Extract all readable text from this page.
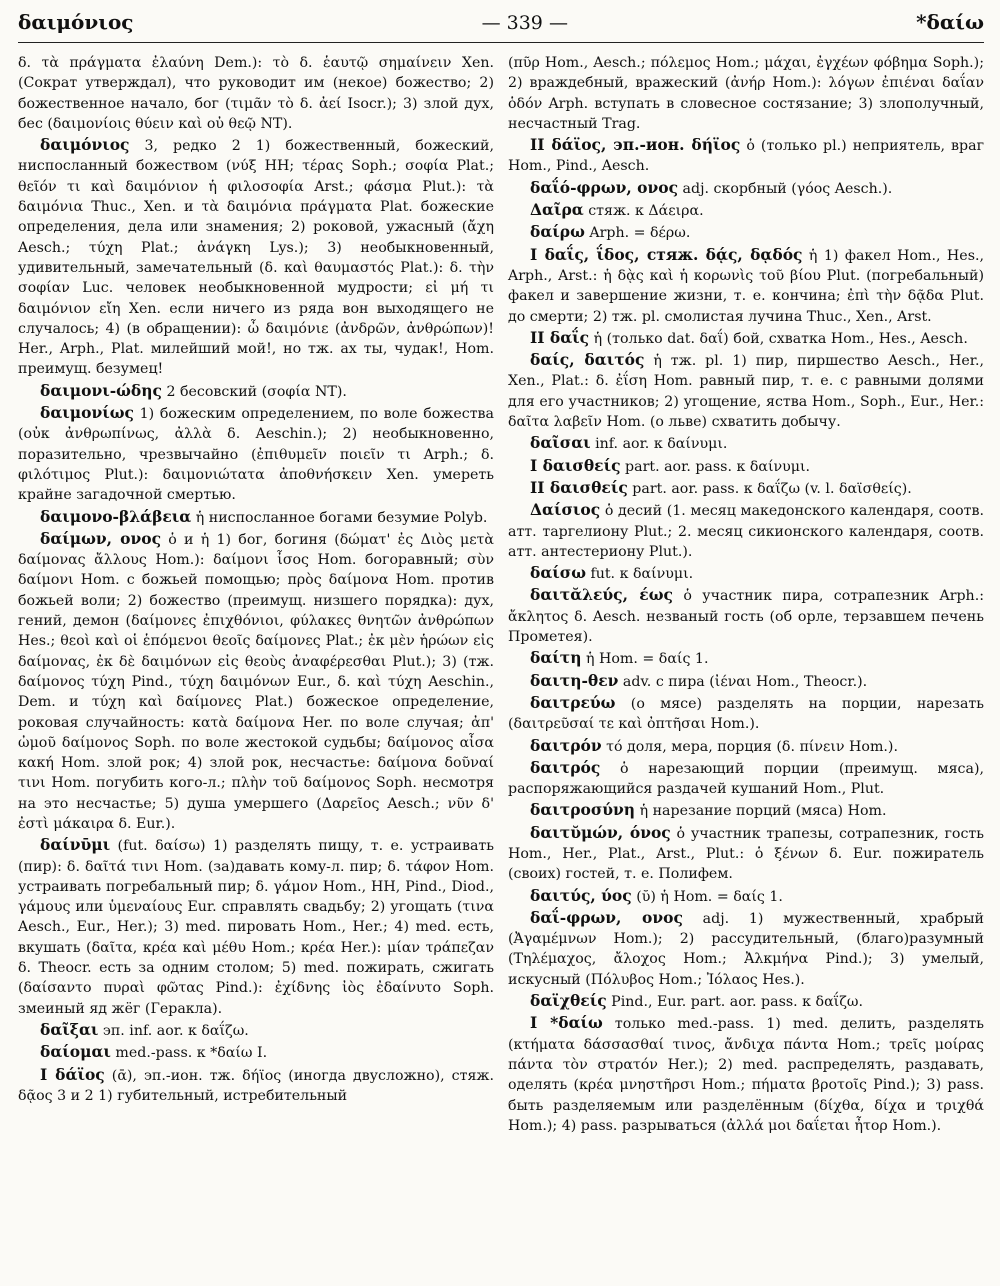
δαιμόνιος	— 339 —	*δαίω

δ. τὰ πράγματα ἐλαύνη Dem.): τὸ δ. ἑαυτῷ σημαίνειν Xen. (Сократ утверждал), что руководит им (некое) божество; 2) божественное начало, бог (τιμᾶν τὸ δ. ἀεί Isocr.); 3) злой дух, бес (δαιμονίοις θύειν καὶ οὐ θεῷ NT).

δαιμόνιος 3, редко 2 1) божественный, божеский, ниспосланный божеством (νύξ HH; τέρας Soph.; σοφία Plat.; θεῖόν τι καὶ δαιμόνιον ἡ φιλοσοφία Arst.; φάσμα Plut.): τὰ δαιμόνια Thuc., Xen. и τὰ δαιμόνια πράγματα Plat. божеские определения, дела или знамения; 2) роковой, ужасный (ἄχη Aesch.; τύχη Plat.; ἀνάγκη Lys.); 3) необыкновенный, удивительный, замечательный (δ. καὶ θαυμαστός Plat.): δ. τὴν σοφίαν Luc. человек необыкновенной мудрости; εἰ μή τι δαιμόνιον εἴη Xen. если ничего из ряда вон выходящего не случалось; 4) (в обращении): ὦ δαιμόνιε (ἀνδρῶν, ἀνθρώπων)! Her., Arph., Plat. милейший мой!, но тж. ах ты, чудак!, Hom. преимущ. безумец!

δαιμονι-ώδης 2 бесовский (σοφία NT).

δαιμονίως 1) божеским определением, по воле божества (οὐκ ἀνθρωπίνως, ἀλλὰ δ. Aeschin.); 2) необыкновенно, поразительно, чрезвычайно (ἐπιθυμεῖν ποιεῖν τι Arph.; δ. φιλότιμος Plut.): δαιμονιώτατα ἀποθνήσκειν Xen. умереть крайне загадочной смертью.

δαιμονο-βλάβεια ἡ ниспосланное богами безумие Polyb.

δαίμων, ονος ὁ и ἡ 1) бог, богиня (δώματ' ἐς Διὸς μετὰ δαίμονας ἄλλους Hom.): δαίμονι ἶσος Hom. богоравный; σὺν δαίμονι Hom. с божьей помощью; πρὸς δαίμονα Hom. против божьей воли; 2) божество (преимущ. низшего порядка): дух, гений, демон (δαίμονες ἐπιχθόνιοι, φύλακες θνητῶν ἀνθρώπων Hes.; θεοὶ καὶ οἱ ἑπόμενοι θεοῖς δαίμονες Plat.; ἐκ μὲν ἡρώων εἰς δαίμονας, ἐκ δὲ δαιμόνων εἰς θεοὺς ἀναφέρεσθαι Plut.); 3) (тж. δαίμονος τύχη Pind., τύχη δαιμόνων Eur., δ. καὶ τύχη Aeschin., Dem. и τύχη καὶ δαίμονες Plat.) божеское определение, роковая случайность: κατὰ δαίμονα Her. по воле случая; ἀπ' ὠμοῦ δαίμονος Soph. по воле жестокой судьбы; δαίμονος αἶσα κακή Hom. злой рок; 4) злой рок, несчастье: δαίμονα δοῦναί τινι Hom. погубить кого-л.; πλὴν τοῦ δαίμονος Soph. несмотря на это несчастье; 5) душа умершего (Δαρεῖος Aesch.; νῦν δ' ἐστὶ μάκαιρα δ. Eur.).

δαίνῡμι (fut. δαίσω) 1) разделять пищу, т. е. устраивать (пир): δ. δαῖτά τινι Hom. (за)давать кому-л. пир; δ. τάφον Hom. устраивать погребальный пир; δ. γάμον Hom., HH, Pind., Diod., γάμους или ὑμεναίους Eur. справлять свадьбу; 2) угощать (τινα Aesch., Eur., Her.); 3) med. пировать Hom., Her.; 4) med. есть, вкушать (δαῖτα, κρέα καὶ μέθυ Hom.; κρέα Her.): μίαν τράπεζαν δ. Theocr. есть за одним столом; 5) med. пожирать, сжигать (δαίσαντο πυραὶ φῶτας Pind.): ἐχίδνης ἰὸς ἐδαίνυτο Soph. змеиный яд жёг (Геракла).

δαῖξαι эп. inf. aor. к δαΐζω.

δαίομαι med.-pass. к *δαίω I.

I δάϊος (ᾱ), эп.-ион. тж. δήϊος (иногда двусложно), стяж. δᾷος 3 и 2 1) губительный, истребительный

(πῦρ Hom., Aesch.; πόλεμος Hom.; μάχαι, ἐγχέων φόβημα Soph.); 2) враждебный, вражеский (ἀνήρ Hom.): λόγων ἐπιέναι δαΐαν ὁδόν Arph. вступать в словесное состязание; 3) злополучный, несчастный Trag.

II δάϊος, эп.-ион. δήϊος ὁ (только pl.) неприятель, враг Hom., Pind., Aesch.

δαΐό-φρων, ονος adj. скорбный (γόος Aesch.).

Δαῖρα стяж. к Δάειρα.

δαίρω Arph. = δέρω.

I δαΐς, ΐδος, стяж. δᾴς, δᾳδός ἡ 1) факел Hom., Hes., Arph., Arst.: ἡ δᾲς καὶ ἡ κορωνὶς τοῦ βίου Plut. (погребальный) факел и завершение жизни, т. е. кончина; ἐπὶ τὴν δᾷδα Plut. до смерти; 2) тж. pl. смолистая лучина Thuc., Xen., Arst.

II δαΐς ἡ (только dat. δαΐ) бой, схватка Hom., Hes., Aesch.

δαίς, δαιτός ἡ тж. pl. 1) пир, пиршество Aesch., Her., Xen., Plat.: δ. ἐΐση Hom. равный пир, т. е. с равными долями для его участников; 2) угощение, яства Hom., Soph., Eur., Her.: δαῖτα λαβεῖν Hom. (о льве) схватить добычу.

δαῖσαι inf. aor. к δαίνυμι.

I δαισθείς part. aor. pass. к δαίνυμι.

II δαισθείς part. aor. pass. к δαΐζω (v. l. δαϊσθείς).

Δαίσιος ὁ десий (1. месяц македонского календаря, соотв. атт. таргелиону Plut.; 2. месяц сикионского календаря, соотв. атт. антестериону Plut.).

δαίσω fut. к δαίνυμι.

δαιτᾰλεύς, έως ὁ участник пира, сотрапезник Arph.: ἄκλητος δ. Aesch. незваный гость (об орле, терзавшем печень Прометея).

δαίτη ἡ Hom. = δαίς 1.

δαιτη-θεν adv. с пира (ἰέναι Hom., Theocr.).

δαιτρεύω (о мясе) разделять на порции, нарезать (δαιτρεῦσαί τε καὶ ὀπτῆσαι Hom.).

δαιτρόν τό доля, мера, порция (δ. πίνειν Hom.).

δαιτρός ὁ нарезающий порции (преимущ. мяса), распоряжающийся раздачей кушаний Hom., Plut.

δαιτροσύνη ἡ нарезание порций (мяса) Hom.

δαιτῠμών, όνος ὁ участник трапезы, сотрапезник, гость Hom., Her., Plat., Arst., Plut.: ὁ ξένων δ. Eur. пожиратель (своих) гостей, т. е. Полифем.

δαιτύς, ύος (ῠ) ἡ Hom. = δαίς 1.

δαΐ-φρων, ονος adj. 1) мужественный, храбрый (Ἀγαμέμνων Hom.); 2) рассудительный, (благо)разумный (Τηλέμαχος, ἄλοχος Hom.; Ἀλκμήνα Pind.); 3) умелый, искусный (Πόλυβος Hom.; Ἰόλαος Hes.).

δαϊχθείς Pind., Eur. part. aor. pass. к δαΐζω.

I *δαίω только med.-pass. 1) med. делить, разделять (κτήματα δάσσασθαί τινος, ἄνδιχα πάντα Hom.; τρεῖς μοίρας πάντα τὸν στρατόν Her.); 2) med. распределять, раздавать, оделять (κρέα μνηστῆρσι Hom.; πήματα βροτοῖς Pind.); 3) pass. быть разделяемым или разделённым (δίχθα, δίχα и τριχθά Hom.); 4) pass. разрываться (ἀλλά μοι δαΐεται ἦτορ Hom.).
